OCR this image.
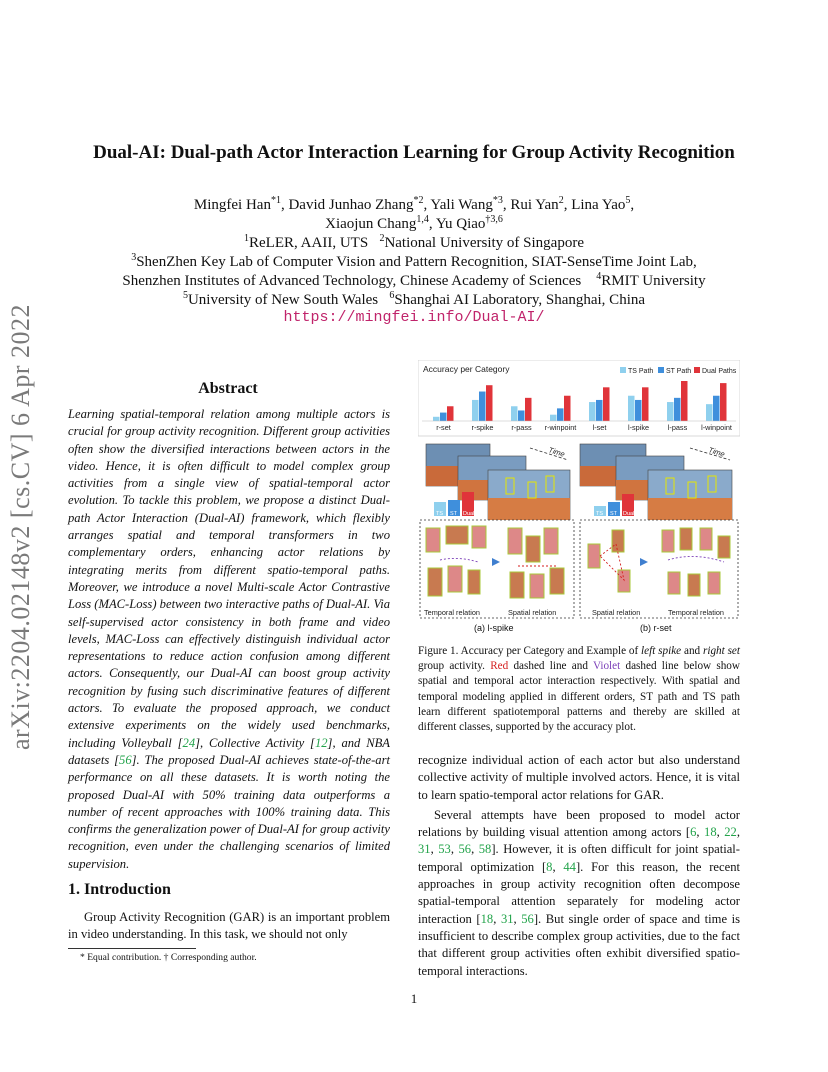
arXiv:2204.02148v2 [cs.CV] 6 Apr 2022
Dual-AI: Dual-path Actor Interaction Learning for Group Activity Recognition
Mingfei Han$^{*1}$, David Junhao Zhang$^{*2}$, Yali Wang$^{*3}$, Rui Yan$^2$, Lina Yao$^5$,
Xiaojun Chang$^{1,4}$, Yu Qiao$^{\dagger 3,6}$
$^1$ReLER, AAII, UTS $^2$National University of Singapore
$^3$ShenZhen Key Lab of Computer Vision and Pattern Recognition, SIAT-SenseTime Joint Lab,
Shenzhen Institutes of Advanced Technology, Chinese Academy of Sciences $^4$RMIT University
$^5$University of New South Wales $^6$Shanghai AI Laboratory, Shanghai, China
https://mingfei.info/Dual-AI/
Abstract
Learning spatial-temporal relation among multiple actors is crucial for group activity recognition. Different group activities often show the diversified interactions between actors in the video. Hence, it is often difficult to model complex group activities from a single view of spatial-temporal actor evolution. To tackle this problem, we propose a distinct Dual-path Actor Interaction (Dual-AI) framework, which flexibly arranges spatial and temporal transformers in two complementary orders, enhancing actor relations by integrating merits from different spatio-temporal paths. Moreover, we introduce a novel Multi-scale Actor Contrastive Loss (MAC-Loss) between two interactive paths of Dual-AI. Via self-supervised actor consistency in both frame and video levels, MAC-Loss can effectively distinguish individual actor representations to reduce action confusion among different actors. Consequently, our Dual-AI can boost group activity recognition by fusing such discriminative features of different actors. To evaluate the proposed approach, we conduct extensive experiments on the widely used benchmarks, including Volleyball [24], Collective Activity [12], and NBA datasets [56]. The proposed Dual-AI achieves state-of-the-art performance on all these datasets. It is worth noting the proposed Dual-AI with 50% training data outperforms a number of recent approaches with 100% training data. This confirms the generalization power of Dual-AI for group activity recognition, even under the challenging scenarios of limited supervision.
1. Introduction
Group Activity Recognition (GAR) is an important problem in video understanding. In this task, we should not only
* Equal contribution. † Corresponding author.
1
Accuracy per Category	TS Path ST Path Dual Paths
r-set	r-spike r-pass r-winpoint l-set	l-spike	l-pass l-winpoint
Time	Time
TS ST Dual	TS ST Dual
Temporal relation	Spatial relation	Spatial relation	Temporal relation
(a) l-spike	(b) r-set
Figure 1. Accuracy per Category and Example of left spike and right set group activity. Red dashed line and Violet dashed line below show spatial and temporal actor interaction respectively. With spatial and temporal modeling applied in different orders, ST path and TS path learn different spatiotemporal patterns and thereby are skilled at different classes, supported by the accuracy plot.

recognize individual action of each actor but also understand collective activity of multiple involved actors. Hence, it is vital to learn spatio-temporal actor relations for GAR.

Several attempts have been proposed to model actor relations by building visual attention among actors [6, 18, 22, 31, 53, 56, 58]. However, it is often difficult for joint spatial-temporal optimization [8, 44]. For this reason, the recent approaches in group activity recognition often decompose spatial-temporal attention separately for modeling actor interaction [18, 31, 56]. But single order of space and time is insufficient to describe complex group activities, due to the fact that different group activities often exhibit diversified spatio-temporal interactions.
